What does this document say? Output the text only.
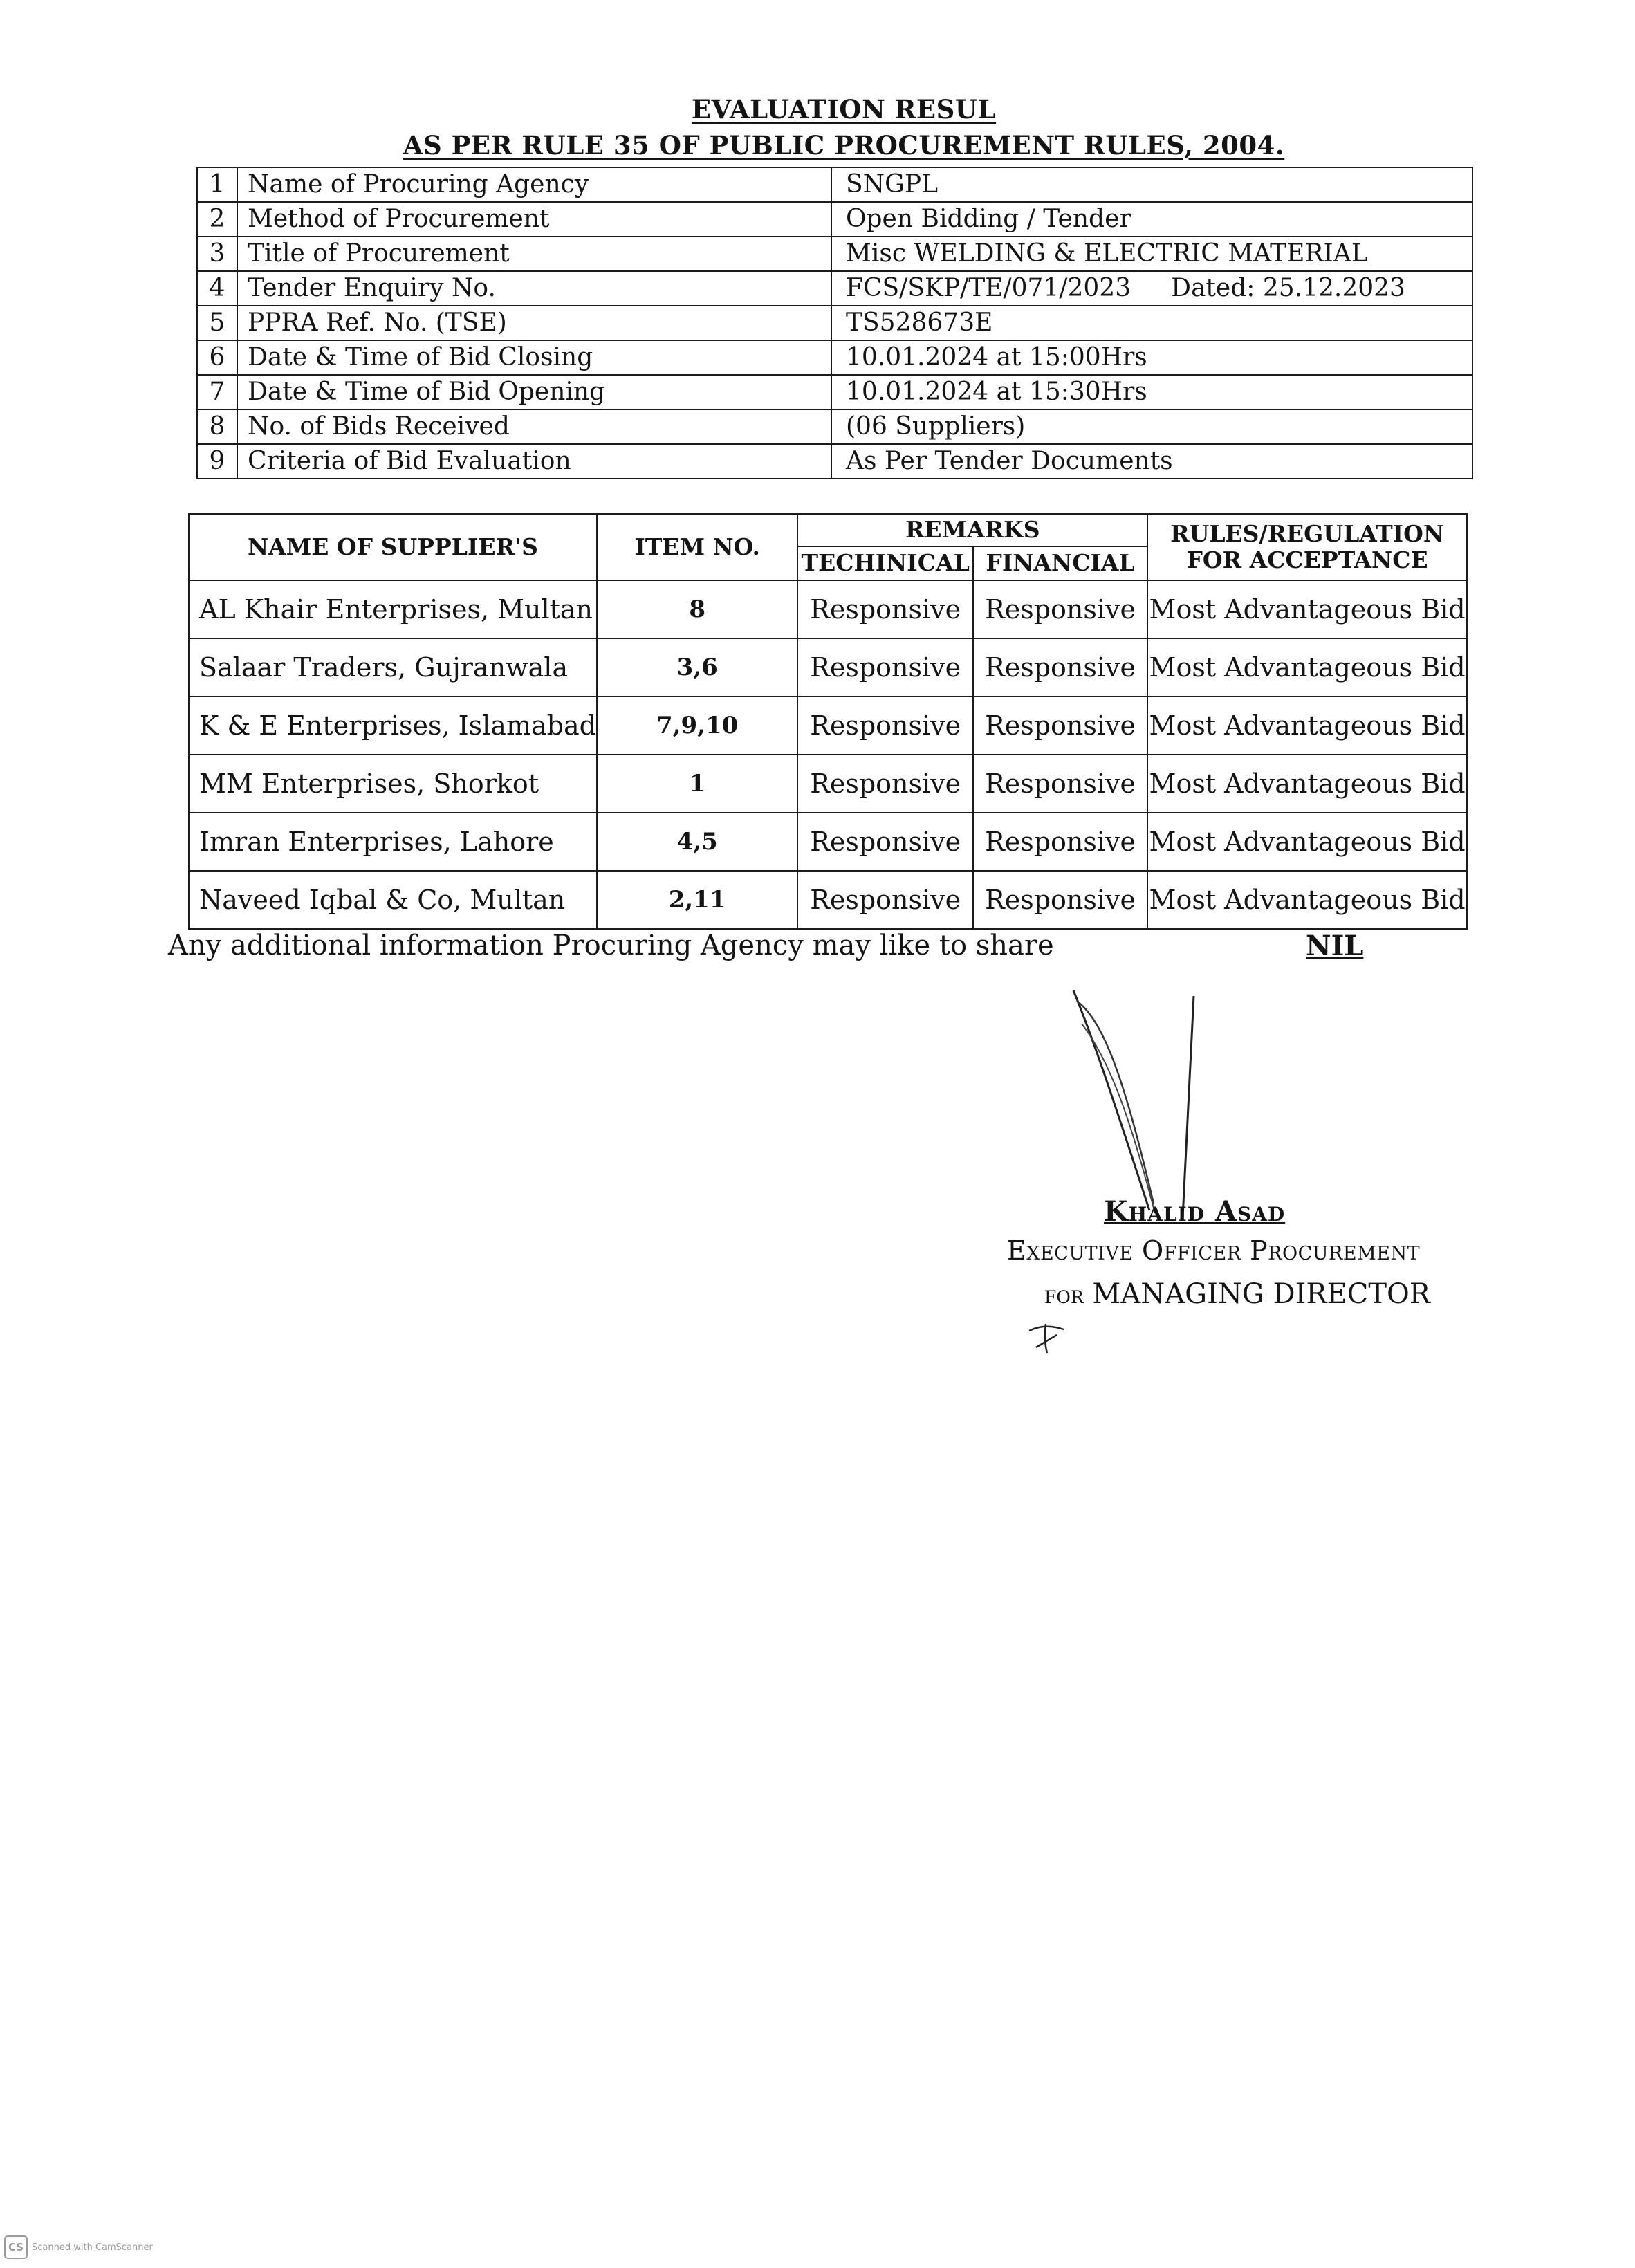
EVALUATION RESUL
AS PER RULE 35 OF PUBLIC PROCUREMENT RULES, 2004.
1	Name of Procuring Agency	SNGPL
2	Method of Procurement	Open Bidding / Tender
3	Title of Procurement	Misc WELDING & ELECTRIC MATERIAL
4	Tender Enquiry No.	FCS/SKP/TE/071/2023 Dated: 25.12.2023
5	PPRA Ref. No. (TSE)	TS528673E
6	Date & Time of Bid Closing	10.01.2024 at 15:00Hrs
7	Date & Time of Bid Opening	10.01.2024 at 15:30Hrs
8	No. of Bids Received	(06 Suppliers)
9	Criteria of Bid Evaluation	As Per Tender Documents
NAME OF SUPPLIER'S	ITEM NO.	REMARKS		RULES/REGULATION
FOR ACCEPTANCE

		TECHINICAL	FINANCIAL	
AL Khair Enterprises, Multan	8	Responsive	Responsive	Most Advantageous Bid
Salaar Traders, Gujranwala	3,6	Responsive	Responsive	Most Advantageous Bid
K & E Enterprises, Islamabad	7,9,10	Responsive	Responsive	Most Advantageous Bid
MM Enterprises, Shorkot	1	Responsive	Responsive	Most Advantageous Bid
Imran Enterprises, Lahore	4,5	Responsive	Responsive	Most Advantageous Bid
Naveed Iqbal & Co, Multan	2,11	Responsive	Responsive	Most Advantageous Bid
Any additional information Procuring Agency may like to share	NIL
Khalid Asad
Executive Officer Procurement
for MANAGING DIRECTOR
CS Scanned with CamScanner
